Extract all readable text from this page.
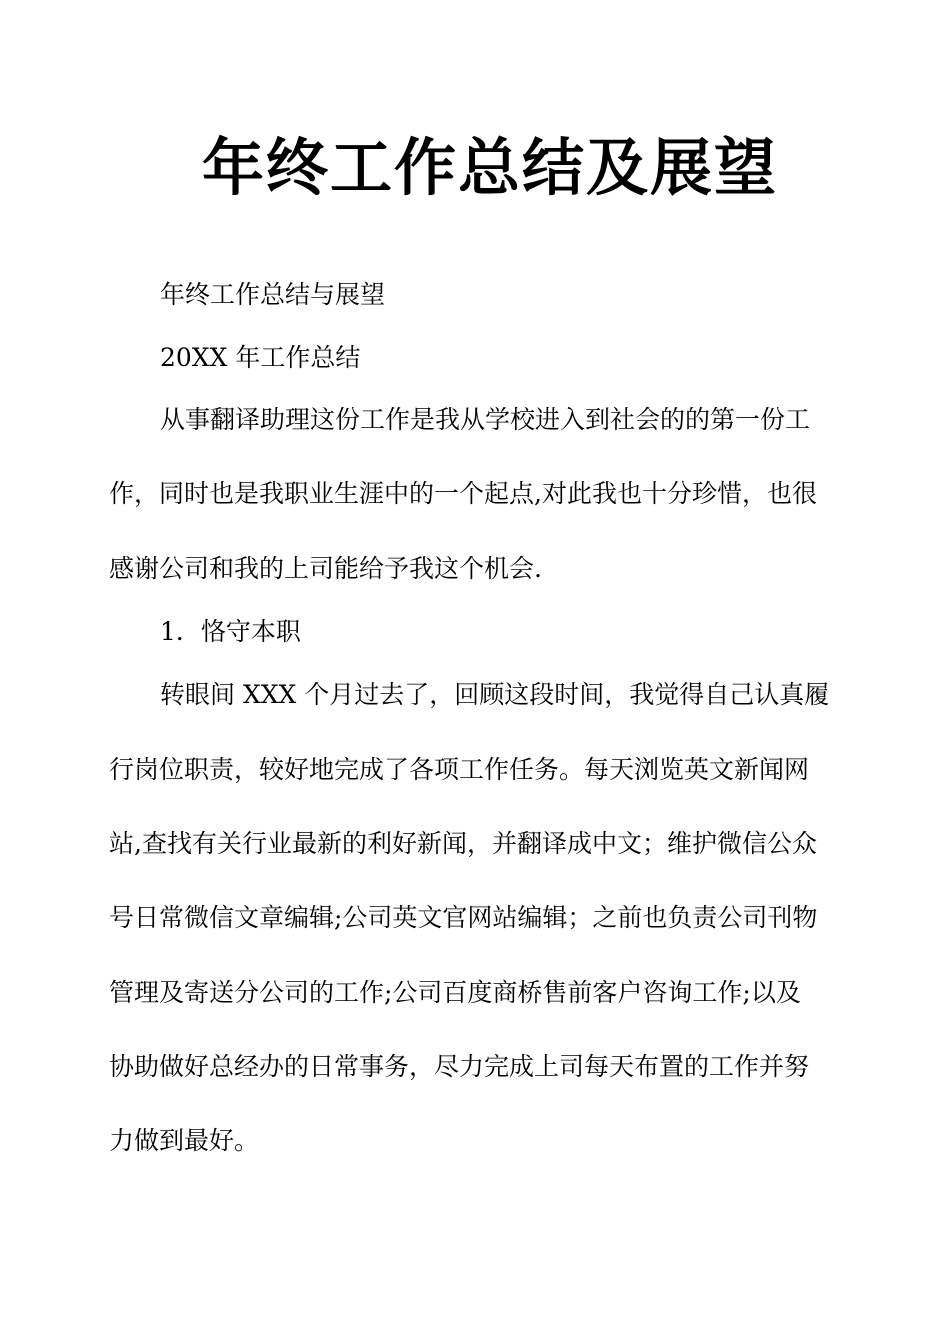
年终工作总结及展望

年终工作总结与展望

20XX 年工作总结

从事翻译助理这份工作是我从学校进入到社会的的第一份工

作，同时也是我职业生涯中的一个起点,对此我也十分珍惜，也很

感谢公司和我的上司能给予我这个机会.

1．恪守本职

转眼间 XXX 个月过去了，回顾这段时间，我觉得自己认真履

行岗位职责，较好地完成了各项工作任务。每天浏览英文新闻网

站,查找有关行业最新的利好新闻，并翻译成中文；维护微信公众

号日常微信文章编辑;公司英文官网站编辑；之前也负责公司刊物

管理及寄送分公司的工作;公司百度商桥售前客户咨询工作;以及

协助做好总经办的日常事务，尽力完成上司每天布置的工作并努

力做到最好。
